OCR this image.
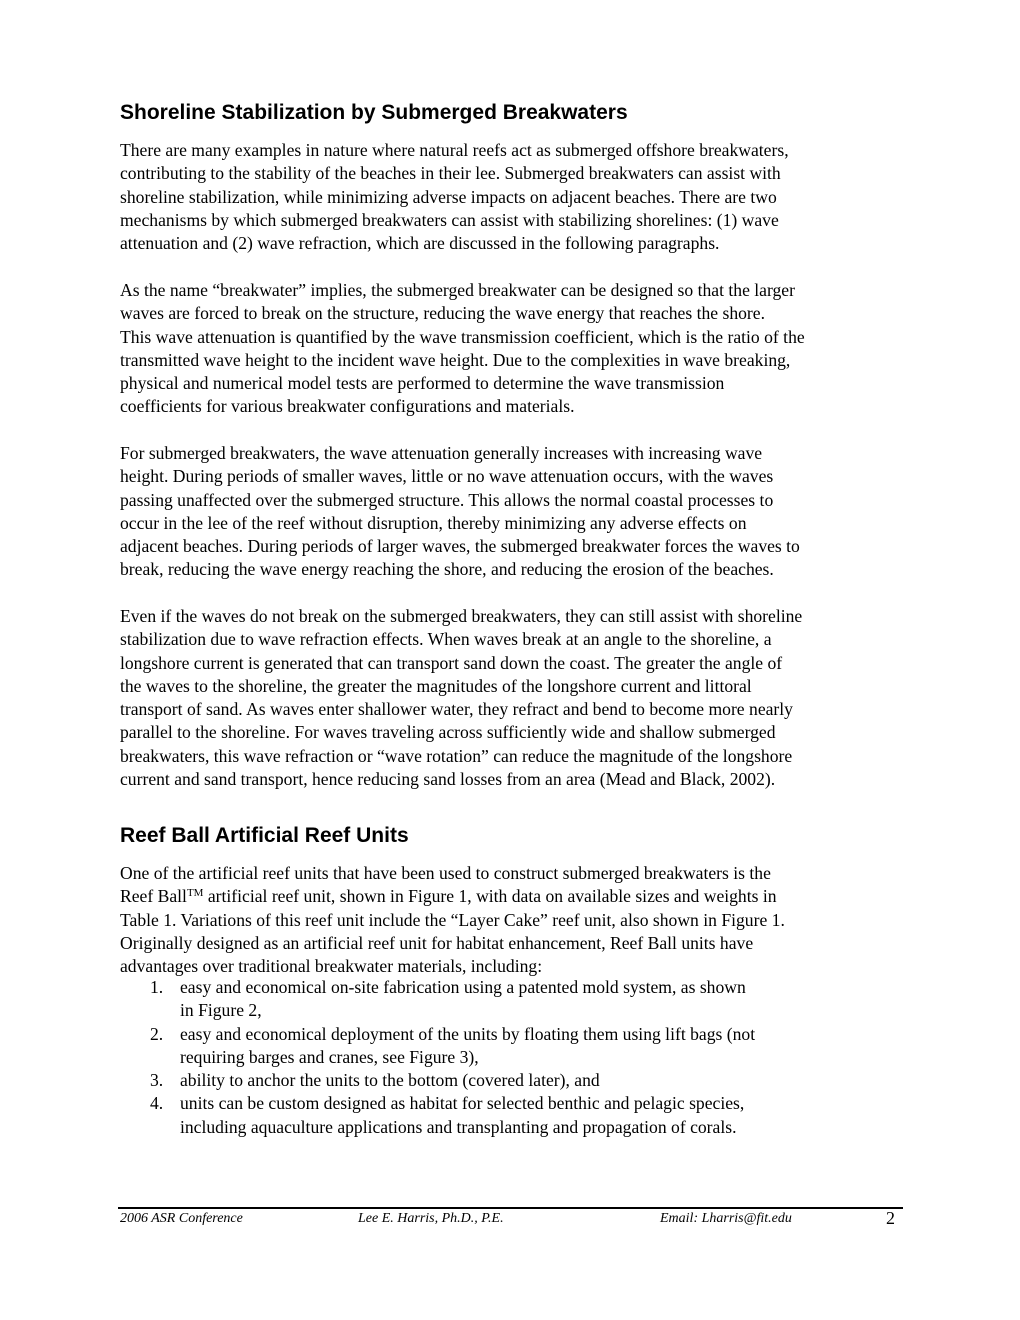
Shoreline Stabilization by Submerged Breakwaters

There are many examples in nature where natural reefs act as submerged offshore breakwaters,
contributing to the stability of the beaches in their lee. Submerged breakwaters can assist with
shoreline stabilization, while minimizing adverse impacts on adjacent beaches. There are two
mechanisms by which submerged breakwaters can assist with stabilizing shorelines: (1) wave
attenuation and (2) wave refraction, which are discussed in the following paragraphs.

As the name “breakwater” implies, the submerged breakwater can be designed so that the larger
waves are forced to break on the structure, reducing the wave energy that reaches the shore.
This wave attenuation is quantified by the wave transmission coefficient, which is the ratio of the
transmitted wave height to the incident wave height. Due to the complexities in wave breaking,
physical and numerical model tests are performed to determine the wave transmission
coefficients for various breakwater configurations and materials.

For submerged breakwaters, the wave attenuation generally increases with increasing wave
height. During periods of smaller waves, little or no wave attenuation occurs, with the waves
passing unaffected over the submerged structure. This allows the normal coastal processes to
occur in the lee of the reef without disruption, thereby minimizing any adverse effects on
adjacent beaches. During periods of larger waves, the submerged breakwater forces the waves to
break, reducing the wave energy reaching the shore, and reducing the erosion of the beaches.

Even if the waves do not break on the submerged breakwaters, they can still assist with shoreline
stabilization due to wave refraction effects. When waves break at an angle to the shoreline, a
longshore current is generated that can transport sand down the coast. The greater the angle of
the waves to the shoreline, the greater the magnitudes of the longshore current and littoral
transport of sand. As waves enter shallower water, they refract and bend to become more nearly
parallel to the shoreline. For waves traveling across sufficiently wide and shallow submerged
breakwaters, this wave refraction or “wave rotation” can reduce the magnitude of the longshore
current and sand transport, hence reducing sand losses from an area (Mead and Black, 2002).

Reef Ball Artificial Reef Units

One of the artificial reef units that have been used to construct submerged breakwaters is the
Reef Ball™ artificial reef unit, shown in Figure 1, with data on available sizes and weights in
Table 1. Variations of this reef unit include the “Layer Cake” reef unit, also shown in Figure 1.
Originally designed as an artificial reef unit for habitat enhancement, Reef Ball units have
advantages over traditional breakwater materials, including:

1. easy and economical on-site fabrication using a patented mold system, as shown
in Figure 2,
2. easy and economical deployment of the units by floating them using lift bags (not
requiring barges and cranes, see Figure 3),
3. ability to anchor the units to the bottom (covered later), and
4. units can be custom designed as habitat for selected benthic and pelagic species,
including aquaculture applications and transplanting and propagation of corals.
2006 ASR Conference	Lee E. Harris, Ph.D., P.E.	Email: Lharris@fit.edu	2
